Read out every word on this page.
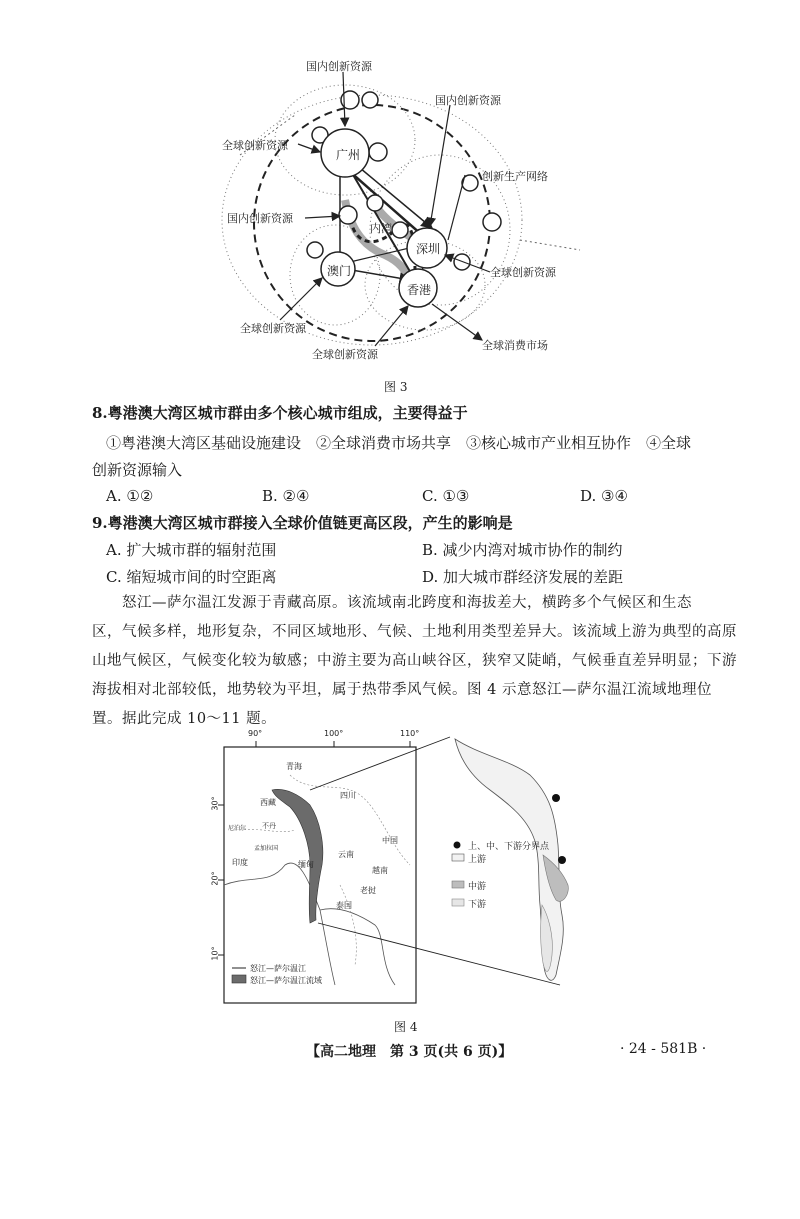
国内创新资源
国内创新资源
全球创新资源
创新生产网络
国内创新资源
全球创新资源
全球创新资源
全球创新资源
全球消费市场
广州
内湾
深圳
澳门
香港
图 3
8.粤港澳大湾区城市群由多个核心城市组成，主要得益于
①粤港澳大湾区基础设施建设　②全球消费市场共享　③核心城市产业相互协作　④全球
创新资源输入
A. ①②	B. ②④	C. ①③	D. ③④
9.粤港澳大湾区城市群接入全球价值链更高区段，产生的影响是
A. 扩大城市群的辐射范围	B. 减少内湾对城市协作的制约
C. 缩短城市间的时空距离	D. 加大城市群经济发展的差距
怒江—萨尔温江发源于青藏高原。该流域南北跨度和海拔差大，横跨多个气候区和生态
区，气候多样，地形复杂，不同区域地形、气候、土地利用类型差异大。该流域上游为典型的高原
山地气候区，气候变化较为敏感；中游主要为高山峡谷区，狭窄又陡峭，气候垂直差异明显；下游
海拔相对北部较低，地势较为平坦，属于热带季风气候。图 4 示意怒江—萨尔温江流域地理位
置。据此完成 10～11 题。
90°	100°	110°
30°
20°
10°
青海
西藏
四川
中国
云南
尼泊尔 不丹
孟加拉国
印度	缅甸
越南
老挝
泰国
怒江—萨尔温江
怒江—萨尔温江流域
上、中、下游分界点
上游
中游
下游
图 4
【高二地理　第 3 页(共 6 页)】	· 24 - 581B ·
